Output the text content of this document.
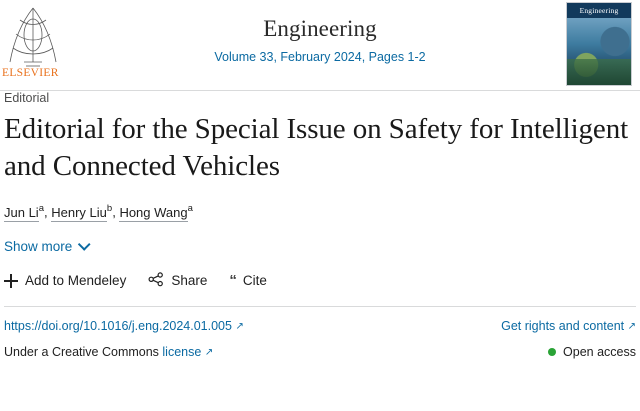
ELSEVIER
Engineering
Volume 33, February 2024, Pages 1-2
Engineering
Editorial
Editorial for the Special Issue on Safety for Intelligent and Connected Vehicles
Jun Li$^a$, Henry Liu$^b$, Hong Wang$^a$
Show more
Add to Mendeley	Share “ Cite
https://doi.org/10.1016/j.eng.2024.01.005 ↗	Get rights and content ↗
Under a Creative Commons license ↗	Open access
